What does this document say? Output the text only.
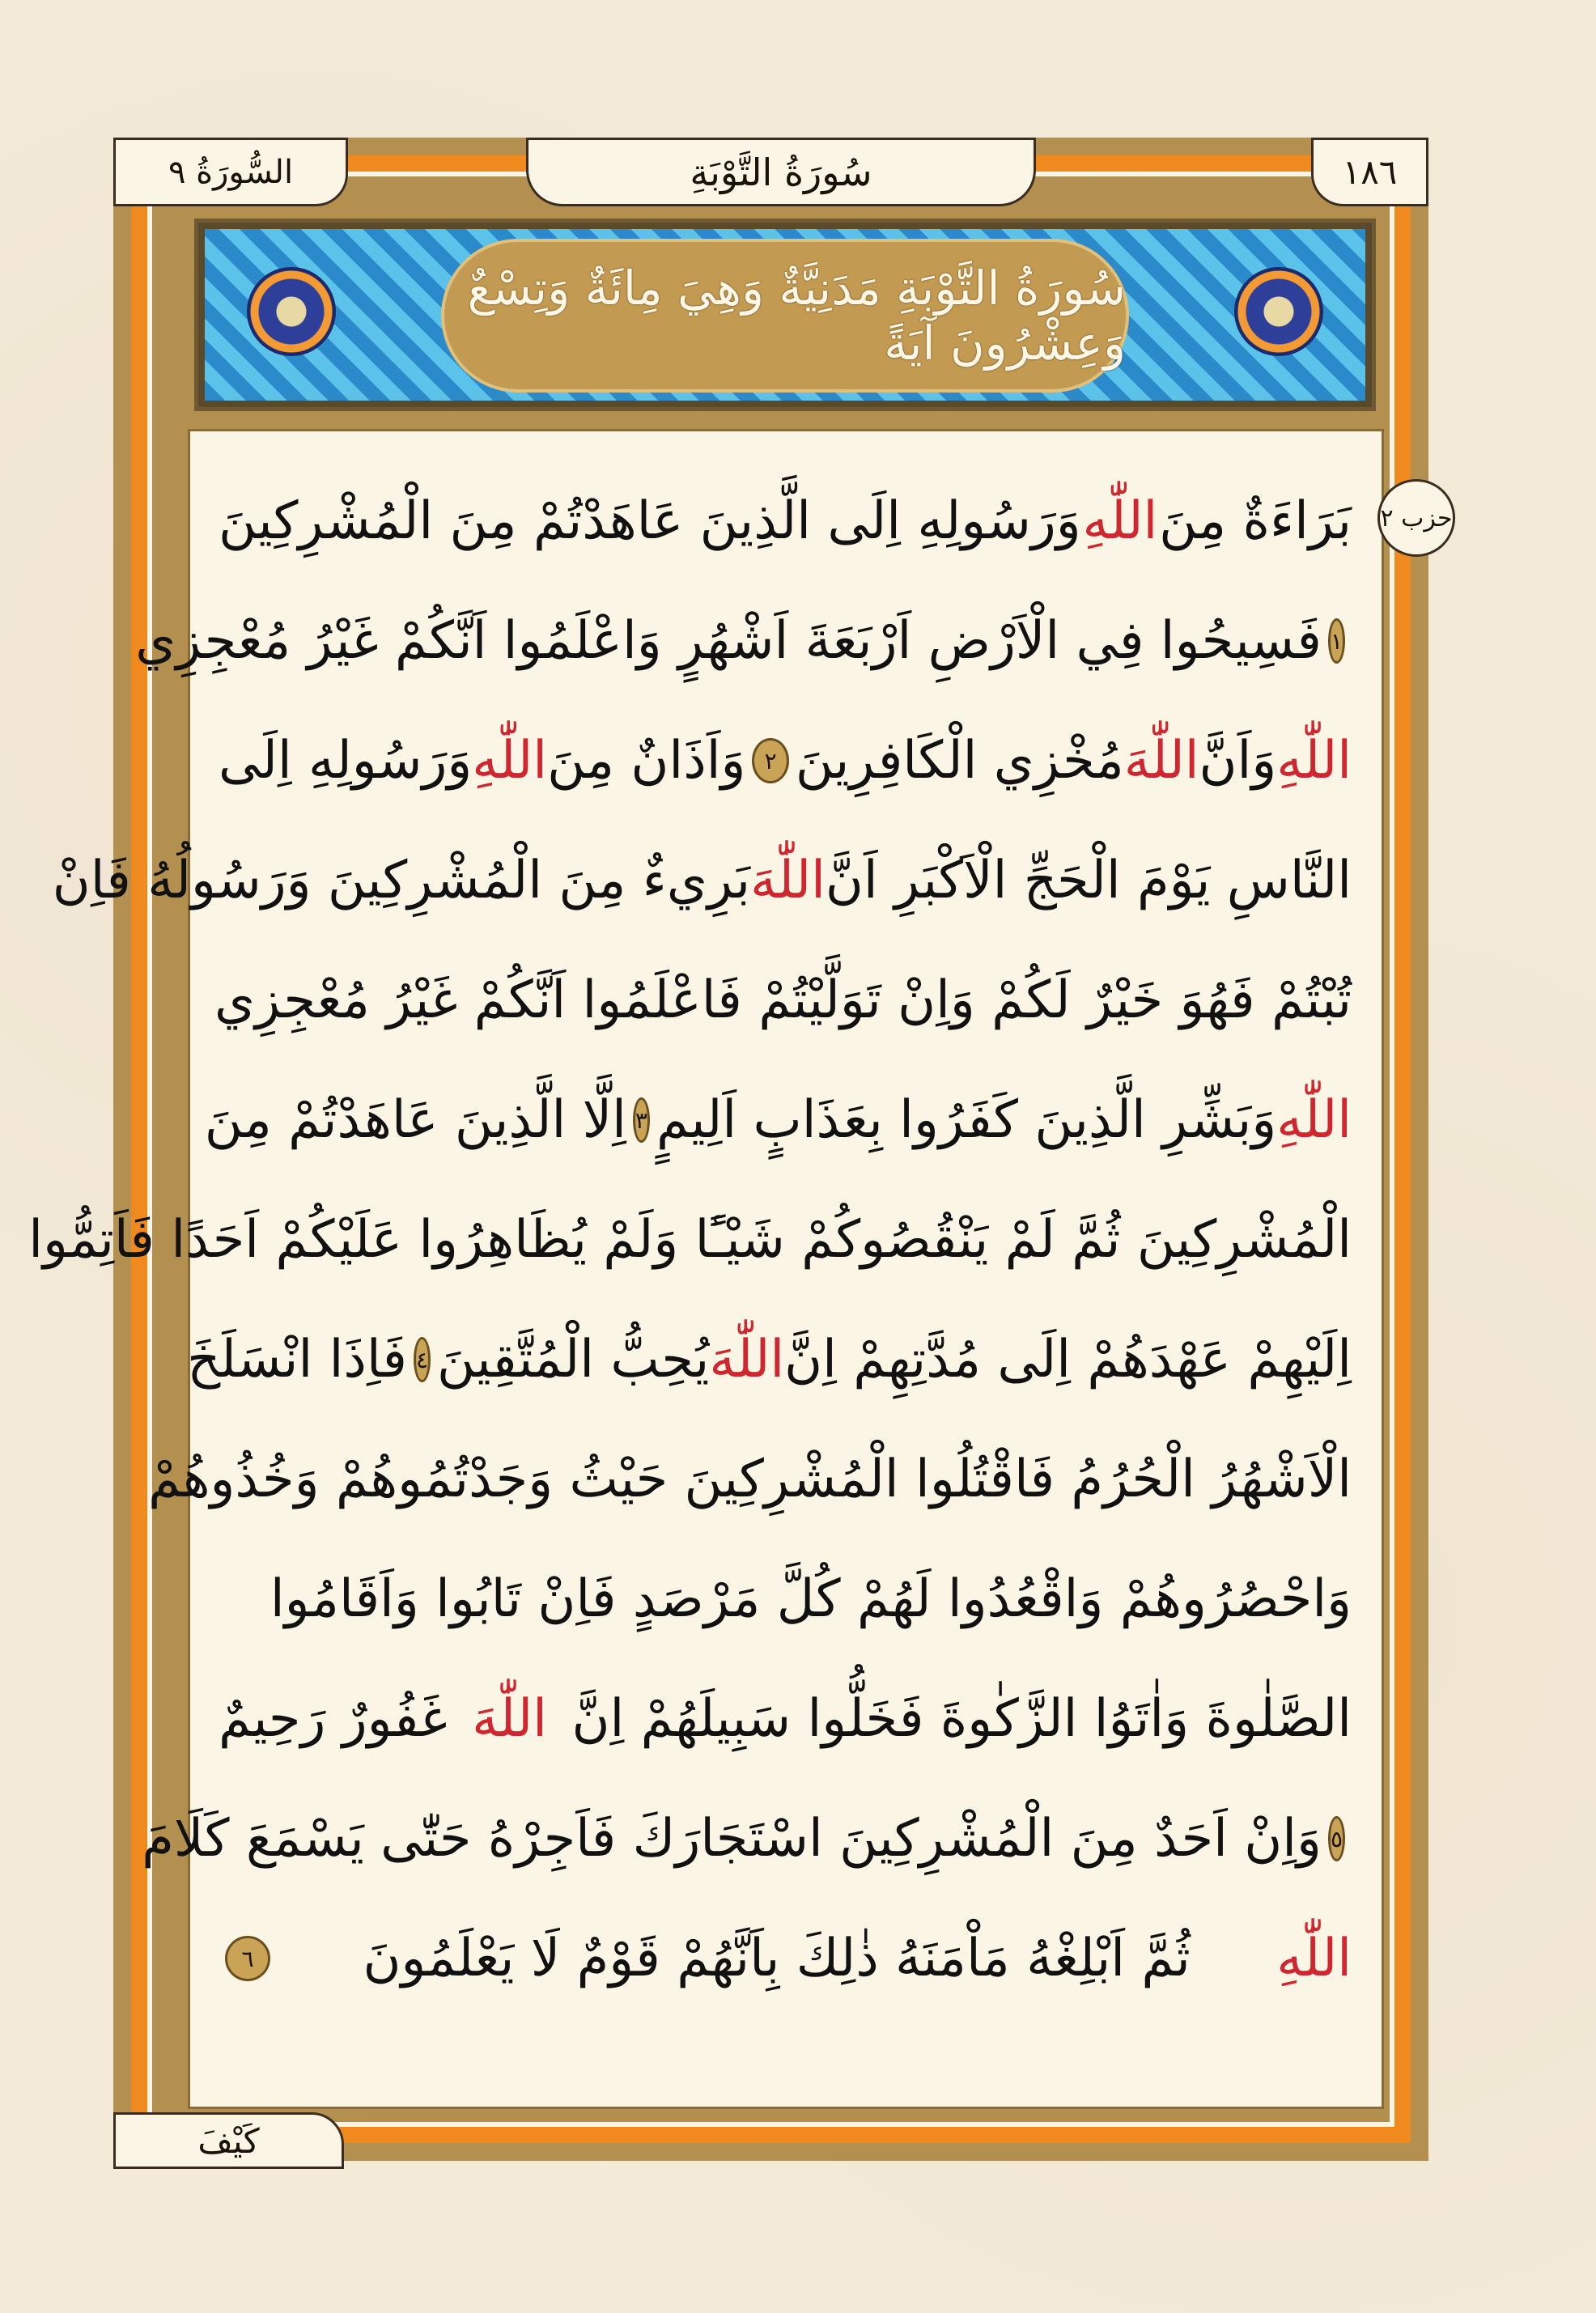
السُّورَةُ ٩	سُورَةُ التَّوْبَةِ	١٨٦
سُورَةُ التَّوْبَةِ مَدَنِيَّةٌ وَهِيَ مِائَةٌ وَتِسْعٌ وَعِشْرُونَ آيَةً
حزب ٢
بَرَاءَةٌ مِنَ
اللّٰهِ
وَرَسُولِهِ اِلَى الَّذِينَ عَاهَدْتُمْ مِنَ الْمُشْرِكِينَ
١
فَسِيحُوا فِي الْاَرْضِ اَرْبَعَةَ اَشْهُرٍ وَاعْلَمُوا اَنَّكُمْ غَيْرُ مُعْجِزِي
اللّٰهِ
وَاَنَّ
اللّٰهَ
مُخْزِي الْكَافِرِينَ
٢
وَاَذَانٌ مِنَ
اللّٰهِ
وَرَسُولِهِ اِلَى
النَّاسِ يَوْمَ الْحَجِّ الْاَكْبَرِ اَنَّ
اللّٰهَ
بَرِيءٌ مِنَ الْمُشْرِكِينَ وَرَسُولُهُ فَاِنْ
تُبْتُمْ فَهُوَ خَيْرٌ لَكُمْ وَاِنْ تَوَلَّيْتُمْ فَاعْلَمُوا اَنَّكُمْ غَيْرُ مُعْجِزِي
اللّٰهِ
وَبَشِّرِ الَّذِينَ كَفَرُوا بِعَذَابٍ اَلِيمٍ
٣
اِلَّا الَّذِينَ عَاهَدْتُمْ مِنَ
الْمُشْرِكِينَ ثُمَّ لَمْ يَنْقُصُوكُمْ شَيْـًٔا وَلَمْ يُظَاهِرُوا عَلَيْكُمْ اَحَدًا فَاَتِمُّوا
اِلَيْهِمْ عَهْدَهُمْ اِلَى مُدَّتِهِمْ اِنَّ
اللّٰهَ
يُحِبُّ الْمُتَّقِينَ
٤
فَاِذَا انْسَلَخَ
الْاَشْهُرُ الْحُرُمُ فَاقْتُلُوا الْمُشْرِكِينَ حَيْثُ وَجَدْتُمُوهُمْ وَخُذُوهُمْ
وَاحْصُرُوهُمْ وَاقْعُدُوا لَهُمْ كُلَّ مَرْصَدٍ فَاِنْ تَابُوا وَاَقَامُوا
الصَّلٰوةَ وَاٰتَوُا الزَّكٰوةَ فَخَلُّوا سَبِيلَهُمْ اِنَّ
اللّٰهَ
غَفُورٌ رَحِيمٌ
٥
وَاِنْ اَحَدٌ مِنَ الْمُشْرِكِينَ اسْتَجَارَكَ فَاَجِرْهُ حَتّٰى يَسْمَعَ كَلَامَ
اللّٰهِ
ثُمَّ اَبْلِغْهُ مَاْمَنَهُ ذٰلِكَ بِاَنَّهُمْ قَوْمٌ لَا يَعْلَمُونَ
٦
كَيْفَ
